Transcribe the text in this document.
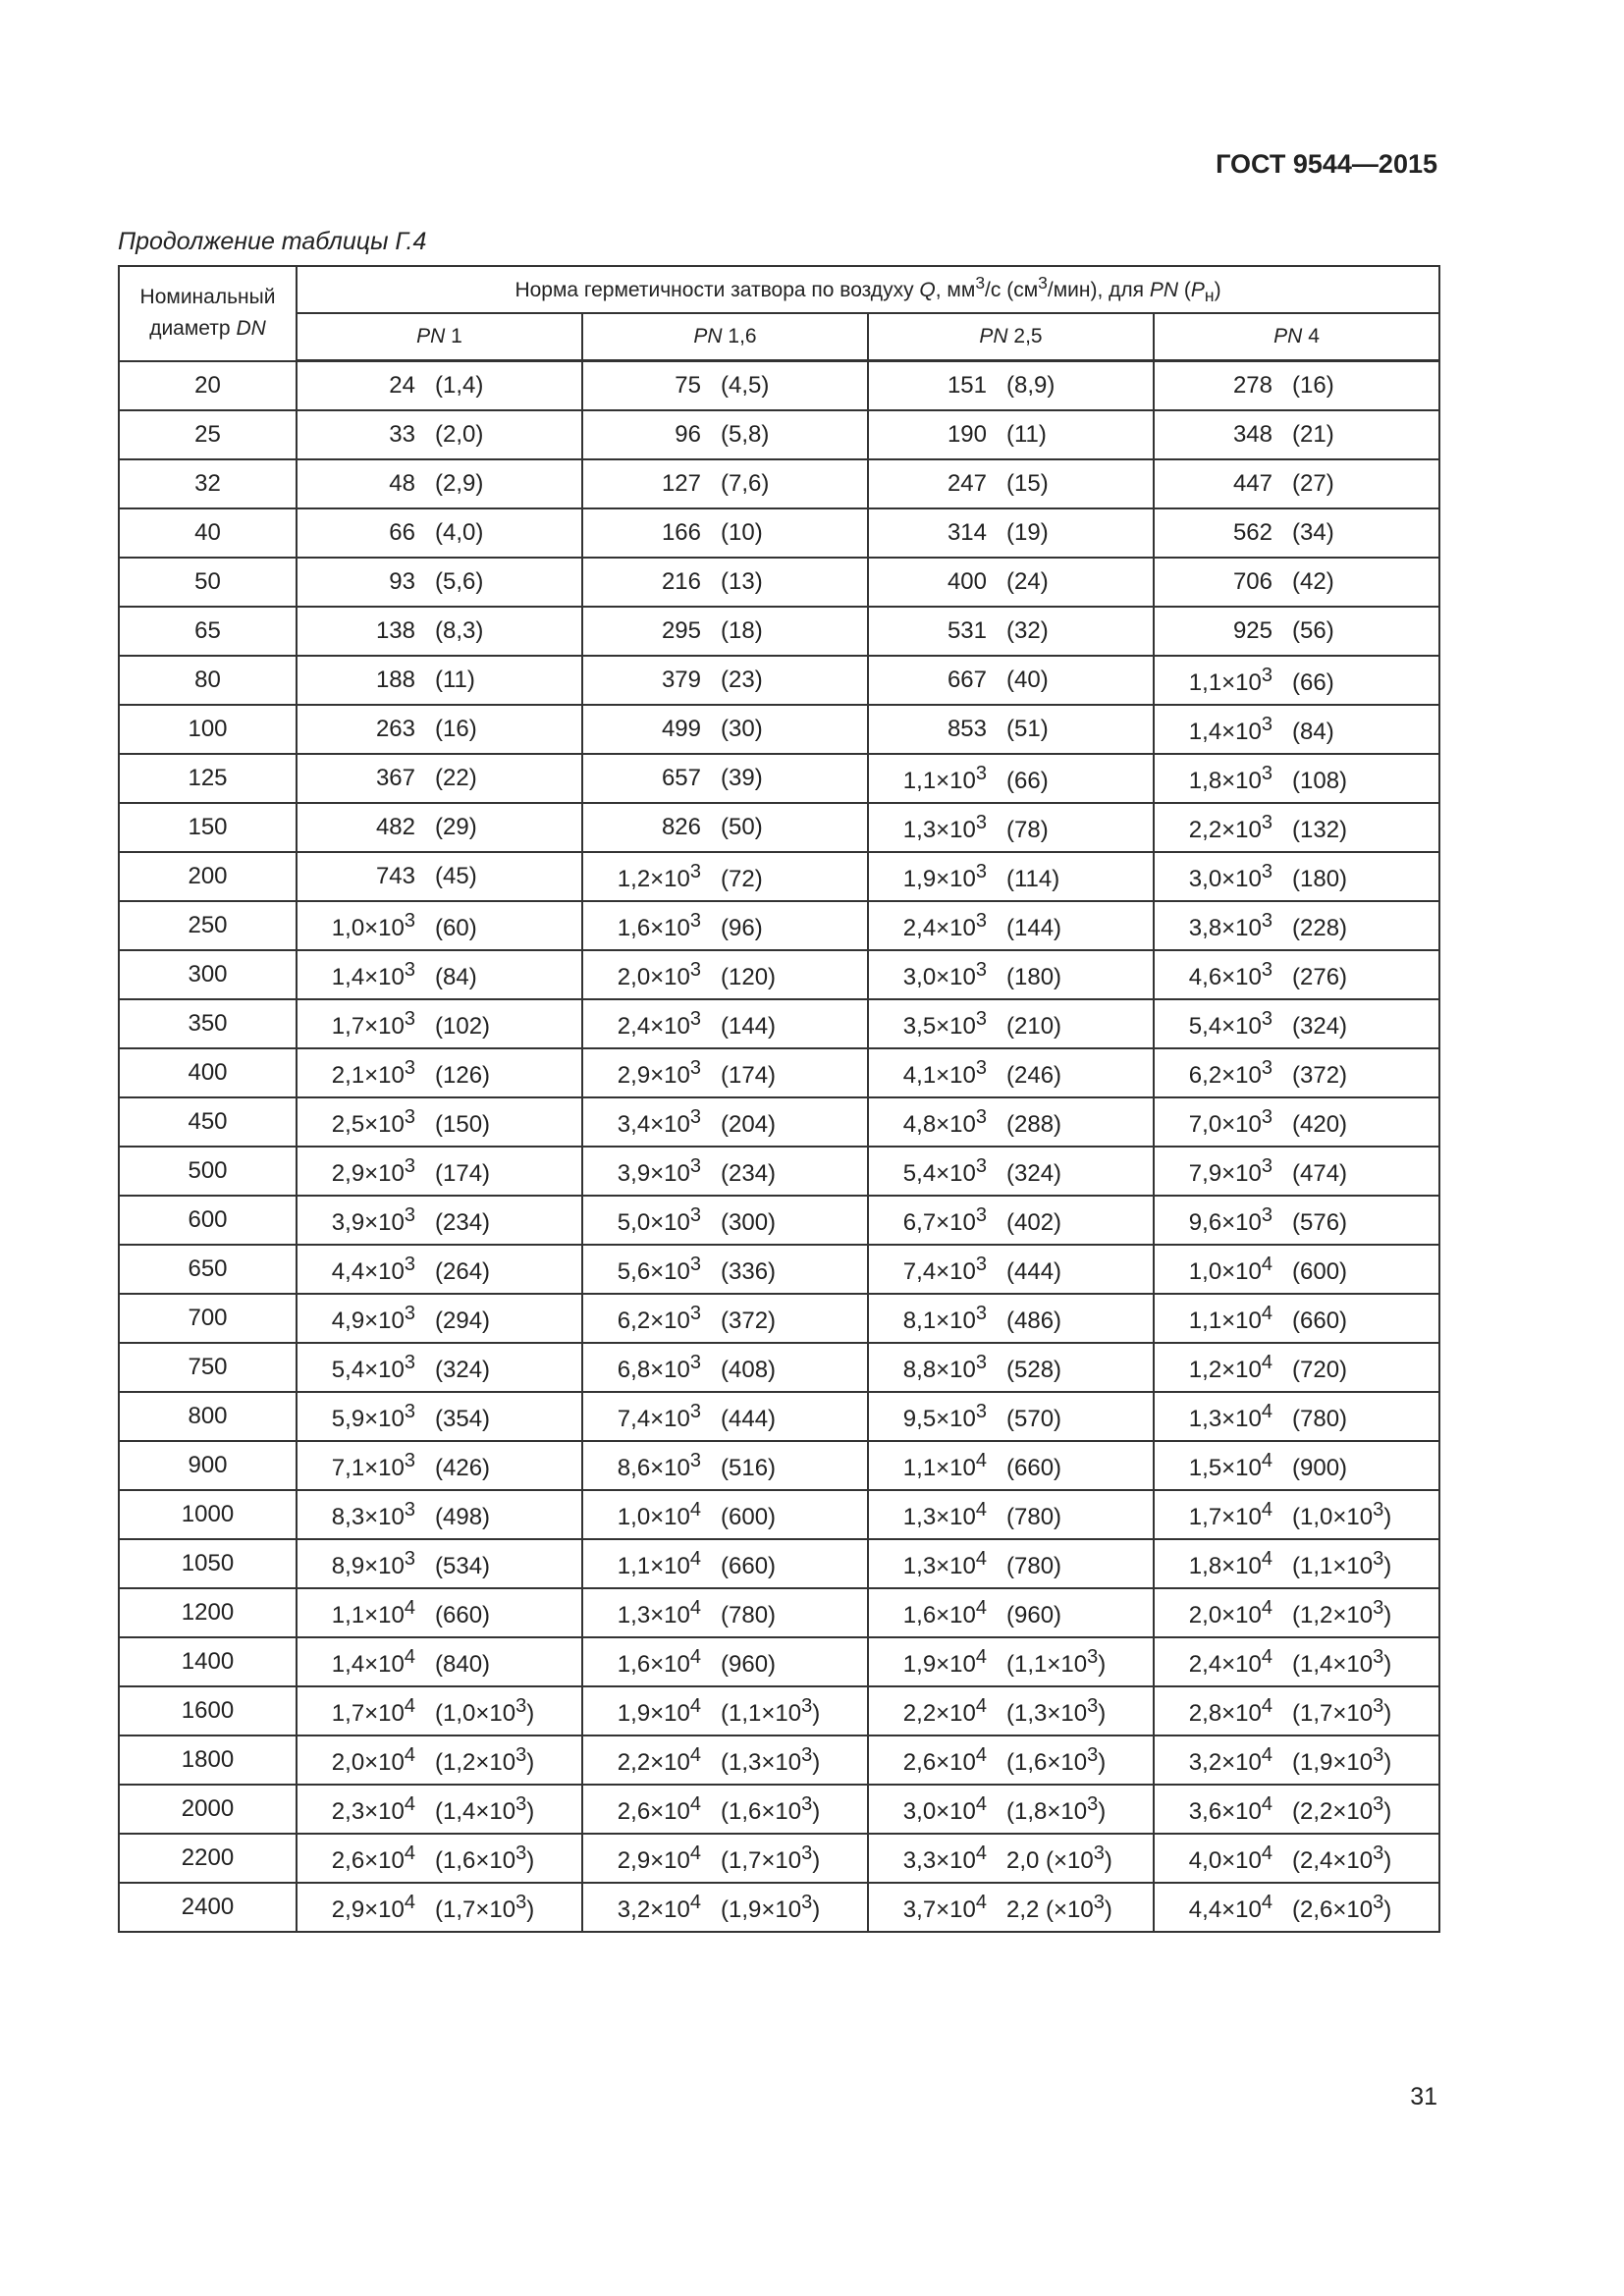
ГОСТ 9544—2015
Продолжение таблицы Г.4
Номинальный
диаметр DN	Норма герметичности затвора по воздуху Q, $мм^3/с$ $(см^3/мин)$, для PN $(P_н)$			
	PN 1	PN 1,6	PN 2,5	PN 4
20	24 (1,4)	75 (4,5)	151 (8,9)	278 (16)
25	33 (2,0)	96 (5,8)	190 (11)	348 (21)
32	48 (2,9)	127 (7,6)	247 (15)	447 (27)
40	66 (4,0)	166 (10)	314 (19)	562 (34)
50	93 (5,6)	216 (13)	400 (24)	706 (42)
65	138 (8,3)	295 (18)	531 (32)	925 (56)
80	188 (11)	379 (23)	667 (40)	$1,1\times 10^3$ (66)
100	263 (16)	499 (30)	853 (51)	$1,4\times 10^3$ (84)
125	367 (22)	657 (39)	$1,1\times 10^3$ (66)	$1,8\times 10^3$ (108)
150	482 (29)	826 (50)	$1,3\times 10^3$ (78)	$2,2\times 10^3$ (132)
200	743 (45)	$1,2\times 10^3$ (72)	$1,9\times 10^3$ (114)	$3,0\times 10^3$ (180)
250	$1,0\times 10^3$ (60)	$1,6\times 10^3$ (96)	$2,4\times 10^3$ (144)	$3,8\times 10^3$ (228)
300	$1,4\times 10^3$ (84)	$2,0\times 10^3$ (120)	$3,0\times 10^3$ (180)	$4,6\times 10^3$ (276)
350	$1,7\times 10^3$ (102)	$2,4\times 10^3$ (144)	$3,5\times 10^3$ (210)	$5,4\times 10^3$ (324)
400	$2,1\times 10^3$ (126)	$2,9\times 10^3$ (174)	$4,1\times 10^3$ (246)	$6,2\times 10^3$ (372)
450	$2,5\times 10^3$ (150)	$3,4\times 10^3$ (204)	$4,8\times 10^3$ (288)	$7,0\times 10^3$ (420)
500	$2,9\times 10^3$ (174)	$3,9\times 10^3$ (234)	$5,4\times 10^3$ (324)	$7,9\times 10^3$ (474)
600	$3,9\times 10^3$ (234)	$5,0\times 10^3$ (300)	$6,7\times 10^3$ (402)	$9,6\times 10^3$ (576)
650	$4,4\times 10^3$ (264)	$5,6\times 10^3$ (336)	$7,4\times 10^3$ (444)	$1,0\times 10^4$ (600)
700	$4,9\times 10^3$ (294)	$6,2\times 10^3$ (372)	$8,1\times 10^3$ (486)	$1,1\times 10^4$ (660)
750	$5,4\times 10^3$ (324)	$6,8\times 10^3$ (408)	$8,8\times 10^3$ (528)	$1,2\times 10^4$ (720)
800	$5,9\times 10^3$ (354)	$7,4\times 10^3$ (444)	$9,5\times 10^3$ (570)	$1,3\times 10^4$ (780)
900	$7,1\times 10^3$ (426)	$8,6\times 10^3$ (516)	$1,1\times 10^4$ (660)	$1,5\times 10^4$ (900)
1000	$8,3\times 10^3$ (498)	$1,0\times 10^4$ (600)	$1,3\times 10^4$ (780)	$1,7\times 10^4$ $(1,0\times 10^3)$
1050	$8,9\times 10^3$ (534)	$1,1\times 10^4$ (660)	$1,3\times 10^4$ (780)	$1,8\times 10^4$ $(1,1\times 10^3)$
1200	$1,1\times 10^4$ (660)	$1,3\times 10^4$ (780)	$1,6\times 10^4$ (960)	$2,0\times 10^4$ $(1,2\times 10^3)$
1400	$1,4\times 10^4$ (840)	$1,6\times 10^4$ (960)	$1,9\times 10^4$ $(1,1\times 10^3)$	$2,4\times 10^4$ $(1,4\times 10^3)$
1600	$1,7\times 10^4$ $(1,0\times 10^3)$	$1,9\times 10^4$ $(1,1\times 10^3)$	$2,2\times 10^4$ $(1,3\times 10^3)$	$2,8\times 10^4$ $(1,7\times 10^3)$
1800	$2,0\times 10^4$ $(1,2\times 10^3)$	$2,2\times 10^4$ $(1,3\times 10^3)$	$2,6\times 10^4$ $(1,6\times 10^3)$	$3,2\times 10^4$ $(1,9\times 10^3)$
2000	$2,3\times 10^4$ $(1,4\times 10^3)$	$2,6\times 10^4$ $(1,6\times 10^3)$	$3,0\times 10^4$ $(1,8\times 10^3)$	$3,6\times 10^4$ $(2,2\times 10^3)$
2200	$2,6\times 10^4$ $(1,6\times 10^3)$	$2,9\times 10^4$ $(1,7\times 10^3)$	$3,3\times 10^4$ 2,0 $(\times 10^3)$	$4,0\times 10^4$ $(2,4\times 10^3)$
2400	$2,9\times 10^4$ $(1,7\times 10^3)$	$3,2\times 10^4$ $(1,9\times 10^3)$	$3,7\times 10^4$ 2,2 $(\times 10^3)$	$4,4\times 10^4$ $(2,6\times 10^3)$
31
